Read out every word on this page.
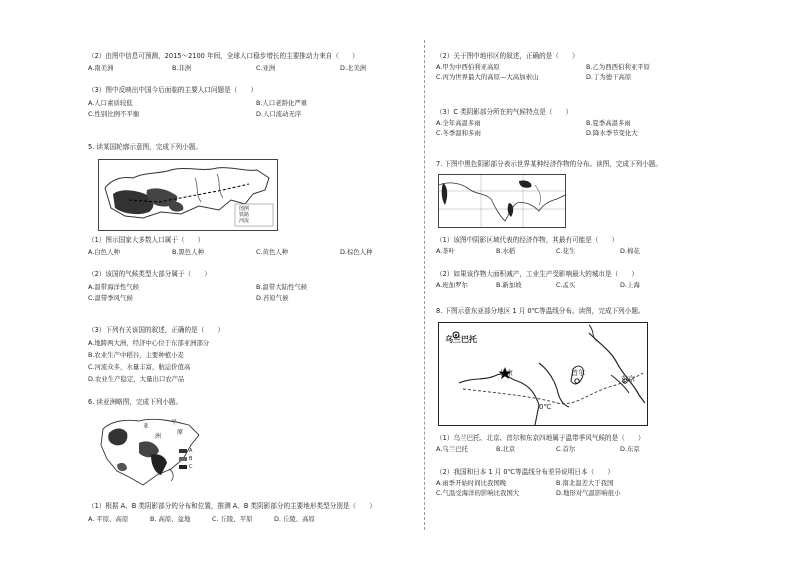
（2）由图中信息可预测，2015～2100 年间，全球人口稳步增长的主要推动力来自（　　）
A.南美洲	B.非洲	C.亚洲	D.北美洲
（3）图中反映出中国今后面临的主要人口问题是（　　）
A.人口素质较低	B.人口老龄化严重
C.性别比例不平衡	D.人口流动无序
5. 读某国轮廓示意图，完成下列小题。
图例
铁路
河流
（1）图示国家大多数人口属于（　　）
A.白色人种	B.黑色人种	C.黄色人种	D.棕色人种
（2）该国的气候类型大部分属于（　　）
A.温带海洋性气候	B.温带大陆性气候
C.温带季风气候	D.苔原气候
（3）下列有关该国的叙述，正确的是（　　）
A.地跨两大洲，经济中心位于东部亚洲部分
B.农业生产中稻谷，主要种植小麦
C.河流众多，水量丰富，航运价值高
D.农业生产稳定，大量出口农产品
6. 读亚洲略图，完成下列小题。
亚
洲
平
原
A
B
C
（1）根据 A、B 类阴影部分的分布和位置，推测 A、B 类阴影部分的主要地形类型分别是（　　）
A. 平原、高原	B. 高原、盆地	C. 丘陵、平原	D. 丘陵、高原
（2）关于图中地形区的叙述，正确的是（　　）
A.甲为中西伯利亚高原	B.乙为西西伯利亚平原
C.丙为世界最大的高原—大高加索山	D.丁为德干高原
（3）C 类阴影部分所在的气候特点是（　　）
A.全年高温多雨	B.夏季高温多雨
C.冬季温和多雨	D.降水季节变化大
7. 下图中黑色阴影部分表示世界某种经济作物的分布。读图，完成下列小题。
（1）该图中阴影区域代表的经济作物，其最有可能是（　　）
A.茶叶	B.水稻	C.花生	D.棉花
（2）如果该作物大面积减产，工业生产受影响最大的城市是（　　）
A.班加罗尔	B.新加坡	C.孟买	D.上海
8. 下图示意东亚部分地区 1 月 0℃等温线分布。读图，完成下列小题。
乌兰巴托
北京	首尔
东京
0℃
（1）乌兰巴托、北京、首尔和东京四地属于温带季风气候的是（　　）
A.乌兰巴托	B.北京	C.首尔	D.东京
（2）我国和日本 1 月 0℃等温线分布差异说明日本（　　）
A.雨季开始时间比我国晚	B.南北温差大于我国
C.气温受海洋的影响比我国大	D.地形对气温影响很小
